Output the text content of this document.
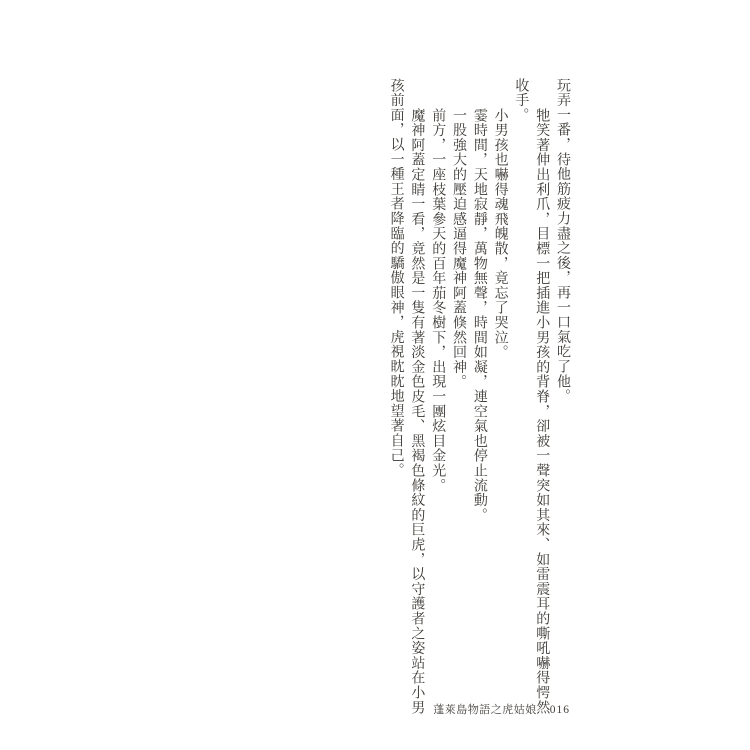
玩弄一番，待他筋疲力盡之後，再一口氣吃了他。
牠笑著伸出利爪，目標一把插進小男孩的背脊，卻被一聲突如其來、如雷震耳的嘶吼嚇得愕然
收手。
小男孩也嚇得魂飛魄散，竟忘了哭泣。
霎時間，天地寂靜，萬物無聲，時間如凝，連空氣也停止流動。
一股強大的壓迫感逼得魔神阿蓋倏然回神。
前方，一座枝葉參天的百年茄冬樹下，出現一團炫目金光。
魔神阿蓋定睛一看，竟然是一隻有著淡金色皮毛、黑褐色條紋的巨虎，以守護者之姿站在小男
孩前面，以一種王者降臨的驕傲眼神，虎視眈眈地望著自己。
蓬萊島物語之虎姑娘 016
